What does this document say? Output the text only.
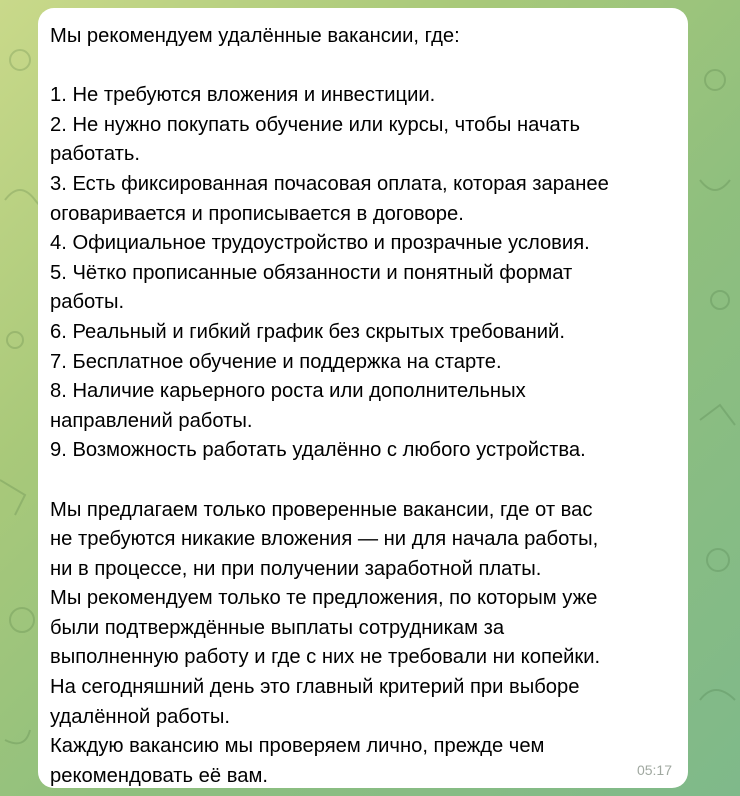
Мы рекомендуем удалённые вакансии, где:
1. Не требуются вложения и инвестиции.
2. Не нужно покупать обучение или курсы, чтобы начать
работать.
3. Есть фиксированная почасовая оплата, которая заранее
оговаривается и прописывается в договоре.
4. Официальное трудоустройство и прозрачные условия.
5. Чётко прописанные обязанности и понятный формат
работы.
6. Реальный и гибкий график без скрытых требований.
7. Бесплатное обучение и поддержка на старте.
8. Наличие карьерного роста или дополнительных
направлений работы.
9. Возможность работать удалённо с любого устройства.
Мы предлагаем только проверенные вакансии, где от вас
не требуются никакие вложения — ни для начала работы,
ни в процессе, ни при получении заработной платы.
Мы рекомендуем только те предложения, по которым уже
были подтверждённые выплаты сотрудникам за
выполненную работу и где с них не требовали ни копейки.
На сегодняшний день это главный критерий при выборе
удалённой работы.
Каждую вакансию мы проверяем лично, прежде чем
рекомендовать её вам.	05:17
